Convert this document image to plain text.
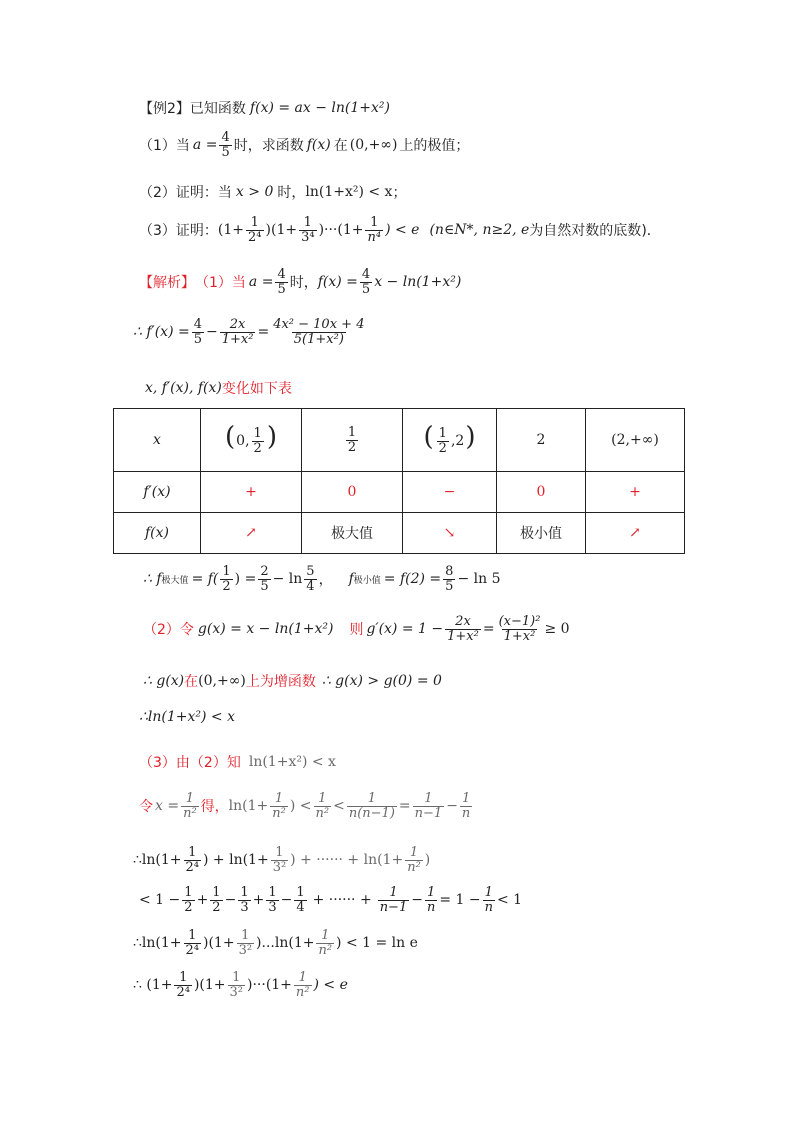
【例2】 已知函数 f(x) = ax − ln(1+x²)
（1） 当 $a = \frac{4}{5}$ 时，求函数 f(x) 在 (0,+∞) 上的极值；
（2） 证明：当 x > 0 时， ln(1+x²) < x ；
（3） 证明： $(1+ \frac{1}{\text{2⁴}} )(1+ \frac{1}{\text{3⁴}} )\cdot\cdot\cdot(1+ \frac{1}{\text{n⁴}}$ ) < e (n∈N*, n≥2, e 为自然对数的底数 )．
【解析】 （1） 当 $a = \frac{4}{5}$ 时， $f(x) = \frac{4}{5}$ x − ln(1+x²)
∴ $f'(x) = \frac{4}{5} - \frac{2x}{\text{1+x²}} = \frac{\text{4x² − 10x + 4}}{\text{5(1+x²)}}$
x, f′(x), f(x) 变化如下表
x	(0, $\frac{1}{2}$ )	$\frac{1}{2}$	( $\frac{1}{2} ,2$)	2	(2,+∞)
f′(x)	+	0	−	0	+
f(x)	↗	极大值	↘	极小值	↗
∴ f 极大值 = $f( \frac{1}{2}$ ) = $\frac{2}{5} - \ln \frac{5}{4}$ ， f 极小值 = $f(2) = \frac{8}{5} - \ln 5$
（2） 令 g(x) = x − ln(1+x²) 则 $g'(x) = 1 - \frac{2x}{\text{1+x²}} = \frac{\text{(x−1)²}}{\text{1+x²}} \ge 0$
∴ g(x) 在 (0,+∞) 上为增函数 ∴ g(x) > g(0) = 0
∴ln(1+x²) < x
（3） 由（2）知 ln(1+x²) < x
令 $x = \frac{1}{\text{n²}}$ 得， $\ln(1+ \frac{1}{\text{n²}}$ ) < $\frac{1}{\text{n²}} < \frac{1}{n(n-1)} = \frac{1}{n-1} - \frac{1}{n}$
∴ln(1+ $\frac{1}{\text{2⁴}}$ ) + $\ln(1+ \frac{1}{\text{3²}}$ ) + ······ + $\ln(1+ \frac{1}{\text{n²}}$ )
< $1 - \frac{1}{2} + \frac{1}{2} - \frac{1}{3} + \frac{1}{3} - \frac{1}{4}$ + ······ + $\frac{1}{n-1} - \frac{1}{n} = 1 - \frac{1}{n} < 1$
∴ln(1+ $\frac{1}{\text{2⁴}} )(1+ \frac{1}{\text{3²}} )...\ln(1+ \frac{1}{\text{n²}}$ ) < 1 = ln e
∴ $(1+ \frac{1}{\text{2⁴}} )(1+ \frac{1}{\text{3²}} )\cdot\cdot\cdot(1+ \frac{1}{\text{n²}}$ ) < e
